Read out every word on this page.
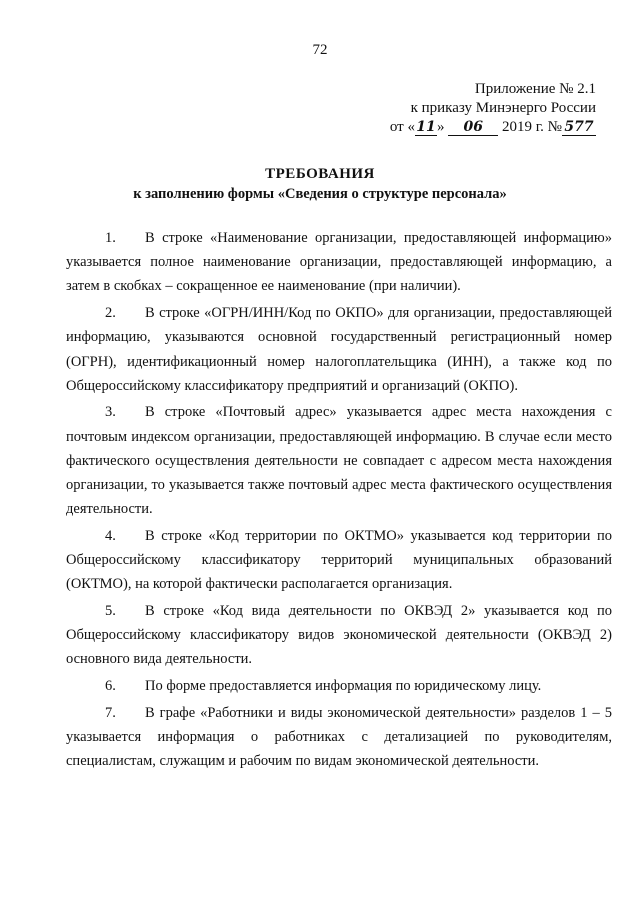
72
Приложение № 2.1
к приказу Минэнерго России
от «11» 06 2019 г. № 577
ТРЕБОВАНИЯ
к заполнению формы «Сведения о структуре персонала»

1. В строке «Наименование организации, предоставляющей информацию» указывается полное наименование организации, предоставляющей информацию, а затем в скобках – сокращенное ее наименование (при наличии).

2. В строке «ОГРН/ИНН/Код по ОКПО» для организации, предоставляющей информацию, указываются основной государственный регистрационный номер (ОГРН), идентификационный номер налогоплательщика (ИНН), а также код по Общероссийскому классификатору предприятий и организаций (ОКПО).

3. В строке «Почтовый адрес» указывается адрес места нахождения с почтовым индексом организации, предоставляющей информацию. В случае если место фактического осуществления деятельности не совпадает с адресом места нахождения организации, то указывается также почтовый адрес места фактического осуществления деятельности.

4. В строке «Код территории по ОКТМО» указывается код территории по Общероссийскому классификатору территорий муниципальных образований (ОКТМО), на которой фактически располагается организация.

5. В строке «Код вида деятельности по ОКВЭД 2» указывается код по Общероссийскому классификатору видов экономической деятельности (ОКВЭД 2) основного вида деятельности.

6. По форме предоставляется информация по юридическому лицу.

7. В графе «Работники и виды экономической деятельности» разделов 1 – 5 указывается информация о работниках с детализацией по руководителям, специалистам, служащим и рабочим по видам экономической деятельности.
